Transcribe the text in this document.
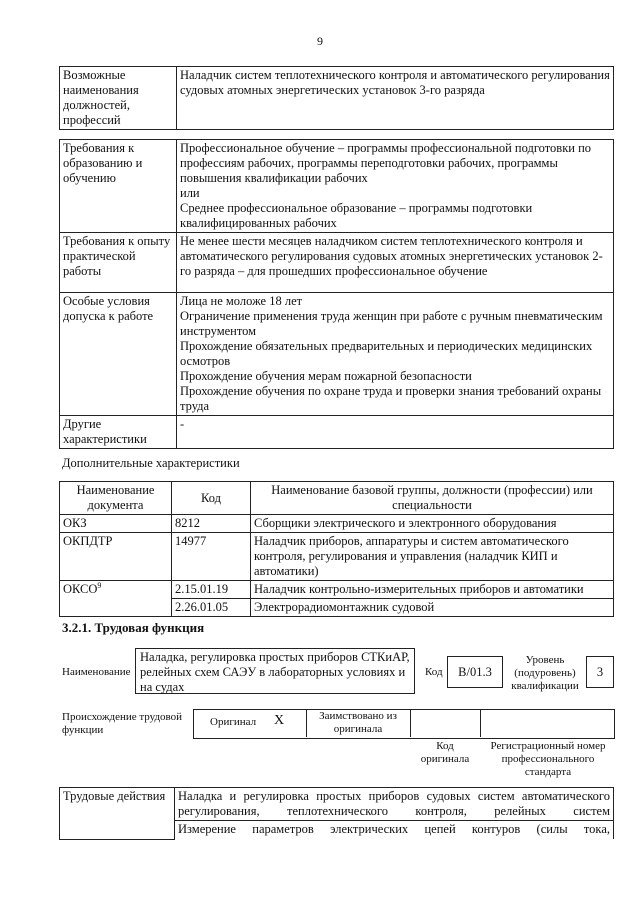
9
Возможные наименования должностей, профессий	Наладчик систем теплотехнического контроля и автоматического регулирования судовых атомных энергетических установок 3-го разряда
Требования к образованию и обучению	Профессиональное обучение – программы профессиональной подготовки по профессиям рабочих, программы переподготовки рабочих, программы повышения квалификации рабочих
или
Среднее профессиональное образование – программы подготовки квалифицированных рабочих

Требования к опыту практической работы	Не менее шести месяцев наладчиком систем теплотехнического контроля и автоматического регулирования судовых атомных энергетических установок 2-го разряда – для прошедших профессиональное обучение

Особые условия допуска к работе	Лица не моложе 18 лет
Ограничение применения труда женщин при работе с ручным пневматическим инструментом
Прохождение обязательных предварительных и периодических медицинских осмотров
Прохождение обучения мерам пожарной безопасности
Прохождение обучения по охране труда и проверки знания требований охраны труда

Другие характеристики	-
Дополнительные характеристики
Наименование документа	Код	Наименование базовой группы, должности (профессии) или специальности
ОКЗ	8212	Сборщики электрического и электронного оборудования
ОКПДТР	14977	Наладчик приборов, аппаратуры и систем автоматического контроля, регулирования и управления (наладчик КИП и автоматики)
ОКСО$^9$	2.15.01.19	Наладчик контрольно-измерительных приборов и автоматики
	2.26.01.05	Электрорадиомонтажник судовой
3.2.1. Трудовая функция
Наименование
Наладка, регулировка простых приборов СТКиАР, релейных схем САЭУ в лабораторных условиях и на судах
Код	B/01.3
Уровень (подуровень) квалификации
3
Происхождение трудовой функции
Оригинал X	Заимствовано из оригинала
Код оригинала
Регистрационный номер профессионального стандарта
Трудовые действия	Наладка и регулировка простых приборов судовых систем автоматического регулирования, теплотехнического контроля, релейных систем
	Измерение параметров электрических цепей контуров (силы тока,
